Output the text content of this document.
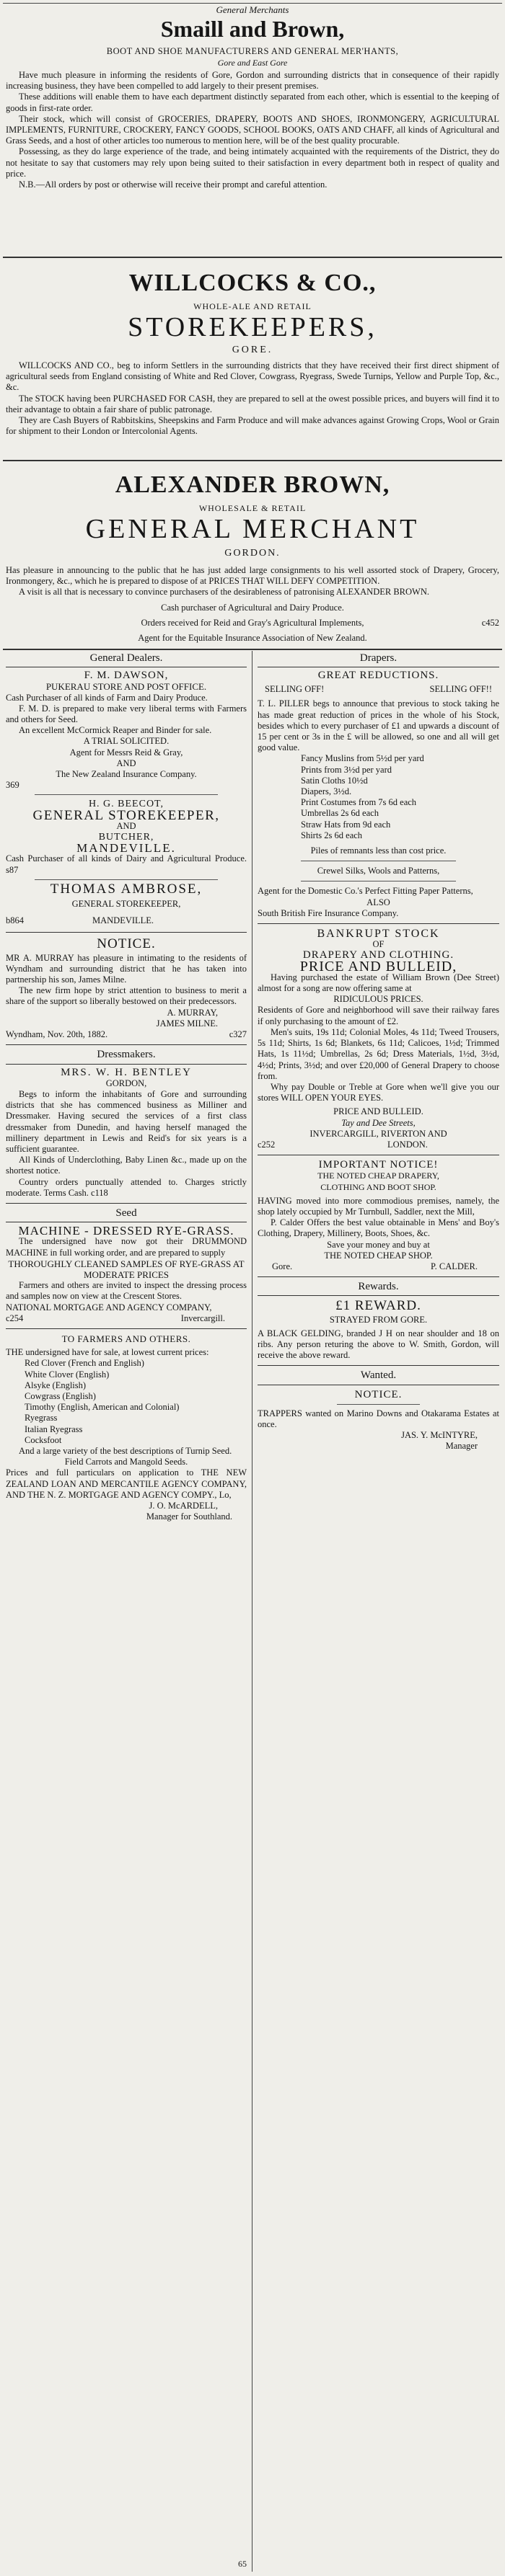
General Merchants
Smaill and Brown,
BOOT AND SHOE MANUFACTURERS AND GENERAL MER'HANTS,
Gore and East Gore

Have much pleasure in informing the residents of Gore, Gordon and surrounding districts that in consequence of their rapidly increasing business, they have been compelled to add largely to their present premises.

These additions will enable them to have each department distinctly separated from each other, which is essential to the keeping of goods in first-rate order.

Their stock, which will consist of GROCERIES, DRAPERY, BOOTS AND SHOES, IRONMONGERY, AGRICULTURAL IMPLEMENTS, FURNITURE, CROCKERY, FANCY GOODS, SCHOOL BOOKS, OATS AND CHAFF, all kinds of Agricultural and Grass Seeds, and a host of other articles too numerous to mention here, will be of the best quality procurable.

Possessing, as they do large experience of the trade, and being intimately acquainted with the requirements of the District, they do not hesitate to say that customers may rely upon being suited to their satisfaction in every department both in respect of quality and price.

N.B.—All orders by post or otherwise will receive their prompt and careful attention.

WILLCOCKS & CO.,
WHOLE-ALE AND RETAIL
STOREKEEPERS,
GORE.

WILLCOCKS AND CO., beg to inform Settlers in the surrounding districts that they have received their first direct shipment of agricultural seeds from England consisting of White and Red Clover, Cowgrass, Ryegrass, Swede Turnips, Yellow and Purple Top, &c., &c.

The STOCK having been PURCHASED FOR CASH, they are prepared to sell at the owest possible prices, and buyers will find it to their advantage to obtain a fair share of public patronage.

They are Cash Buyers of Rabbitskins, Sheepskins and Farm Produce and will make advances against Growing Crops, Wool or Grain for shipment to their London or Intercolonial Agents.

ALEXANDER BROWN,
WHOLESALE & RETAIL
GENERAL MERCHANT
GORDON.

Has pleasure in announcing to the public that he has just added large consignments to his well assorted stock of Drapery, Grocery, Ironmongery, &c., which he is prepared to dispose of at PRICES THAT WILL DEFY COMPETITION.

A visit is all that is necessary to convince purchasers of the desirableness of patronising ALEXANDER BROWN.

Cash purchaser of Agricultural and Dairy Produce.

Orders received for Reid and Gray's Agricultural Implements,	c452

Agent for the Equitable Insurance Association of New Zealand.

General Dealers.

F. M. DAWSON,

PUKERAU STORE AND POST OFFICE.

Cash Purchaser of all kinds of Farm and Dairy Produce.

F. M. D. is prepared to make very liberal terms with Farmers and others for Seed.

An excellent McCormick Reaper and Binder for sale.

A TRIAL SOLICITED.

Agent for Messrs Reid & Gray,

AND

The New Zealand Insurance Company.

369

H. G. BEECOT,

GENERAL STOREKEEPER,

AND

BUTCHER,

MANDEVILLE.

Cash Purchaser of all kinds of Dairy and Agricultural Produce. s87

THOMAS AMBROSE,

GENERAL STOREKEEPER,

b864	MANDEVILLE.

NOTICE.

MR A. MURRAY has pleasure in intimating to the residents of Wyndham and surrounding district that he has taken into partnership his son, James Milne.

The new firm hope by strict attention to business to merit a share of the support so liberally bestowed on their predecessors.

A. MURRAY,

JAMES MILNE.

Wyndham, Nov. 20th, 1882.	c327

Dressmakers.

MRS. W. H. BENTLEY

GORDON,

Begs to inform the inhabitants of Gore and surrounding districts that she has commenced business as Milliner and Dressmaker. Having secured the services of a first class dressmaker from Dunedin, and having herself managed the millinery department in Lewis and Reid's for six years is a sufficient guarantee.

All Kinds of Underclothing, Baby Linen &c., made up on the shortest notice.

Country orders punctually attended to. Charges strictly moderate. Terms Cash. c118

Seed

MACHINE - DRESSED RYE-GRASS.

The undersigned have now got their DRUMMOND MACHINE in full working order, and are prepared to supply

THOROUGHLY CLEANED SAMPLES OF RYE-GRASS AT MODERATE PRICES

Farmers and others are invited to inspect the dressing process and samples now on view at the Crescent Stores.

NATIONAL MORTGAGE AND AGENCY COMPANY,

c254	Invercargill.

TO FARMERS AND OTHERS.

THE undersigned have for sale, at lowest current prices:

Red Clover (French and English)

White Clover (English)

Alsyke (English)

Cowgrass (English)

Timothy (English, American and Colonial)

Ryegrass

Italian Ryegrass

Cocksfoot

And a large variety of the best descriptions of Turnip Seed.

Field Carrots and Mangold Seeds.

Prices and full particulars on application to THE NEW ZEALAND LOAN AND MERCANTILE AGENCY COMPANY, AND THE N. Z. MORTGAGE AND AGENCY COMPY., Lo,

J. O. McARDELL,

Manager for Southland.

65

Drapers.

GREAT REDUCTIONS.

SELLING OFF!	SELLING OFF!!

T. L. PILLER begs to announce that previous to stock taking he has made great reduction of prices in the whole of his Stock, besides which to every purchaser of £1 and upwards a discount of 15 per cent or 3s in the £ will be allowed, so one and all will get good value.

Fancy Muslins from 5½d per yard

Prints from 3½d per yard

Satin Cloths 10½d

Diapers, 3½d.

Print Costumes from 7s 6d each

Umbrellas 2s 6d each

Straw Hats from 9d each

Shirts 2s 6d each

Piles of remnants less than cost price.

Crewel Silks, Wools and Patterns,

Agent for the Domestic Co.'s Perfect Fitting Paper Patterns,

ALSO

South British Fire Insurance Company.

BANKRUPT STOCK

OF

DRAPERY AND CLOTHING.

PRICE AND BULLEID,

Having purchased the estate of William Brown (Dee Street) almost for a song are now offering same at

RIDICULOUS PRICES.

Residents of Gore and neighborhood will save their railway fares if only purchasing to the amount of £2.

Men's suits, 19s 11d; Colonial Moles, 4s 11d; Tweed Trousers, 5s 11d; Shirts, 1s 6d; Blankets, 6s 11d; Calicoes, 1½d; Trimmed Hats, 1s 11½d; Umbrellas, 2s 6d; Dress Materials, 1½d, 3½d, 4½d; Prints, 3½d; and over £20,000 of General Drapery to choose from.

Why pay Double or Treble at Gore when we'll give you our stores WILL OPEN YOUR EYES.

PRICE AND BULLEID.

Tay and Dee Streets,

INVERCARGILL, RIVERTON AND

c252	LONDON.

IMPORTANT NOTICE!

THE NOTED CHEAP DRAPERY,

CLOTHING AND BOOT SHOP.

HAVING moved into more commodious premises, namely, the shop lately occupied by Mr Turnbull, Saddler, next the Mill,

P. Calder Offers the best value obtainable in Mens' and Boy's Clothing, Drapery, Millinery, Boots, Shoes, &c.

Save your money and buy at

THE NOTED CHEAP SHOP.

Gore.	P. CALDER.

Rewards.

£1 REWARD.

STRAYED FROM GORE.

A BLACK GELDING, branded J H on near shoulder and 18 on ribs. Any person returing the above to W. Smith, Gordon, will receive the above reward.

Wanted.

NOTICE.

TRAPPERS wanted on Marino Downs and Otakarama Estates at once.

JAS. Y. McINTYRE,

Manager
